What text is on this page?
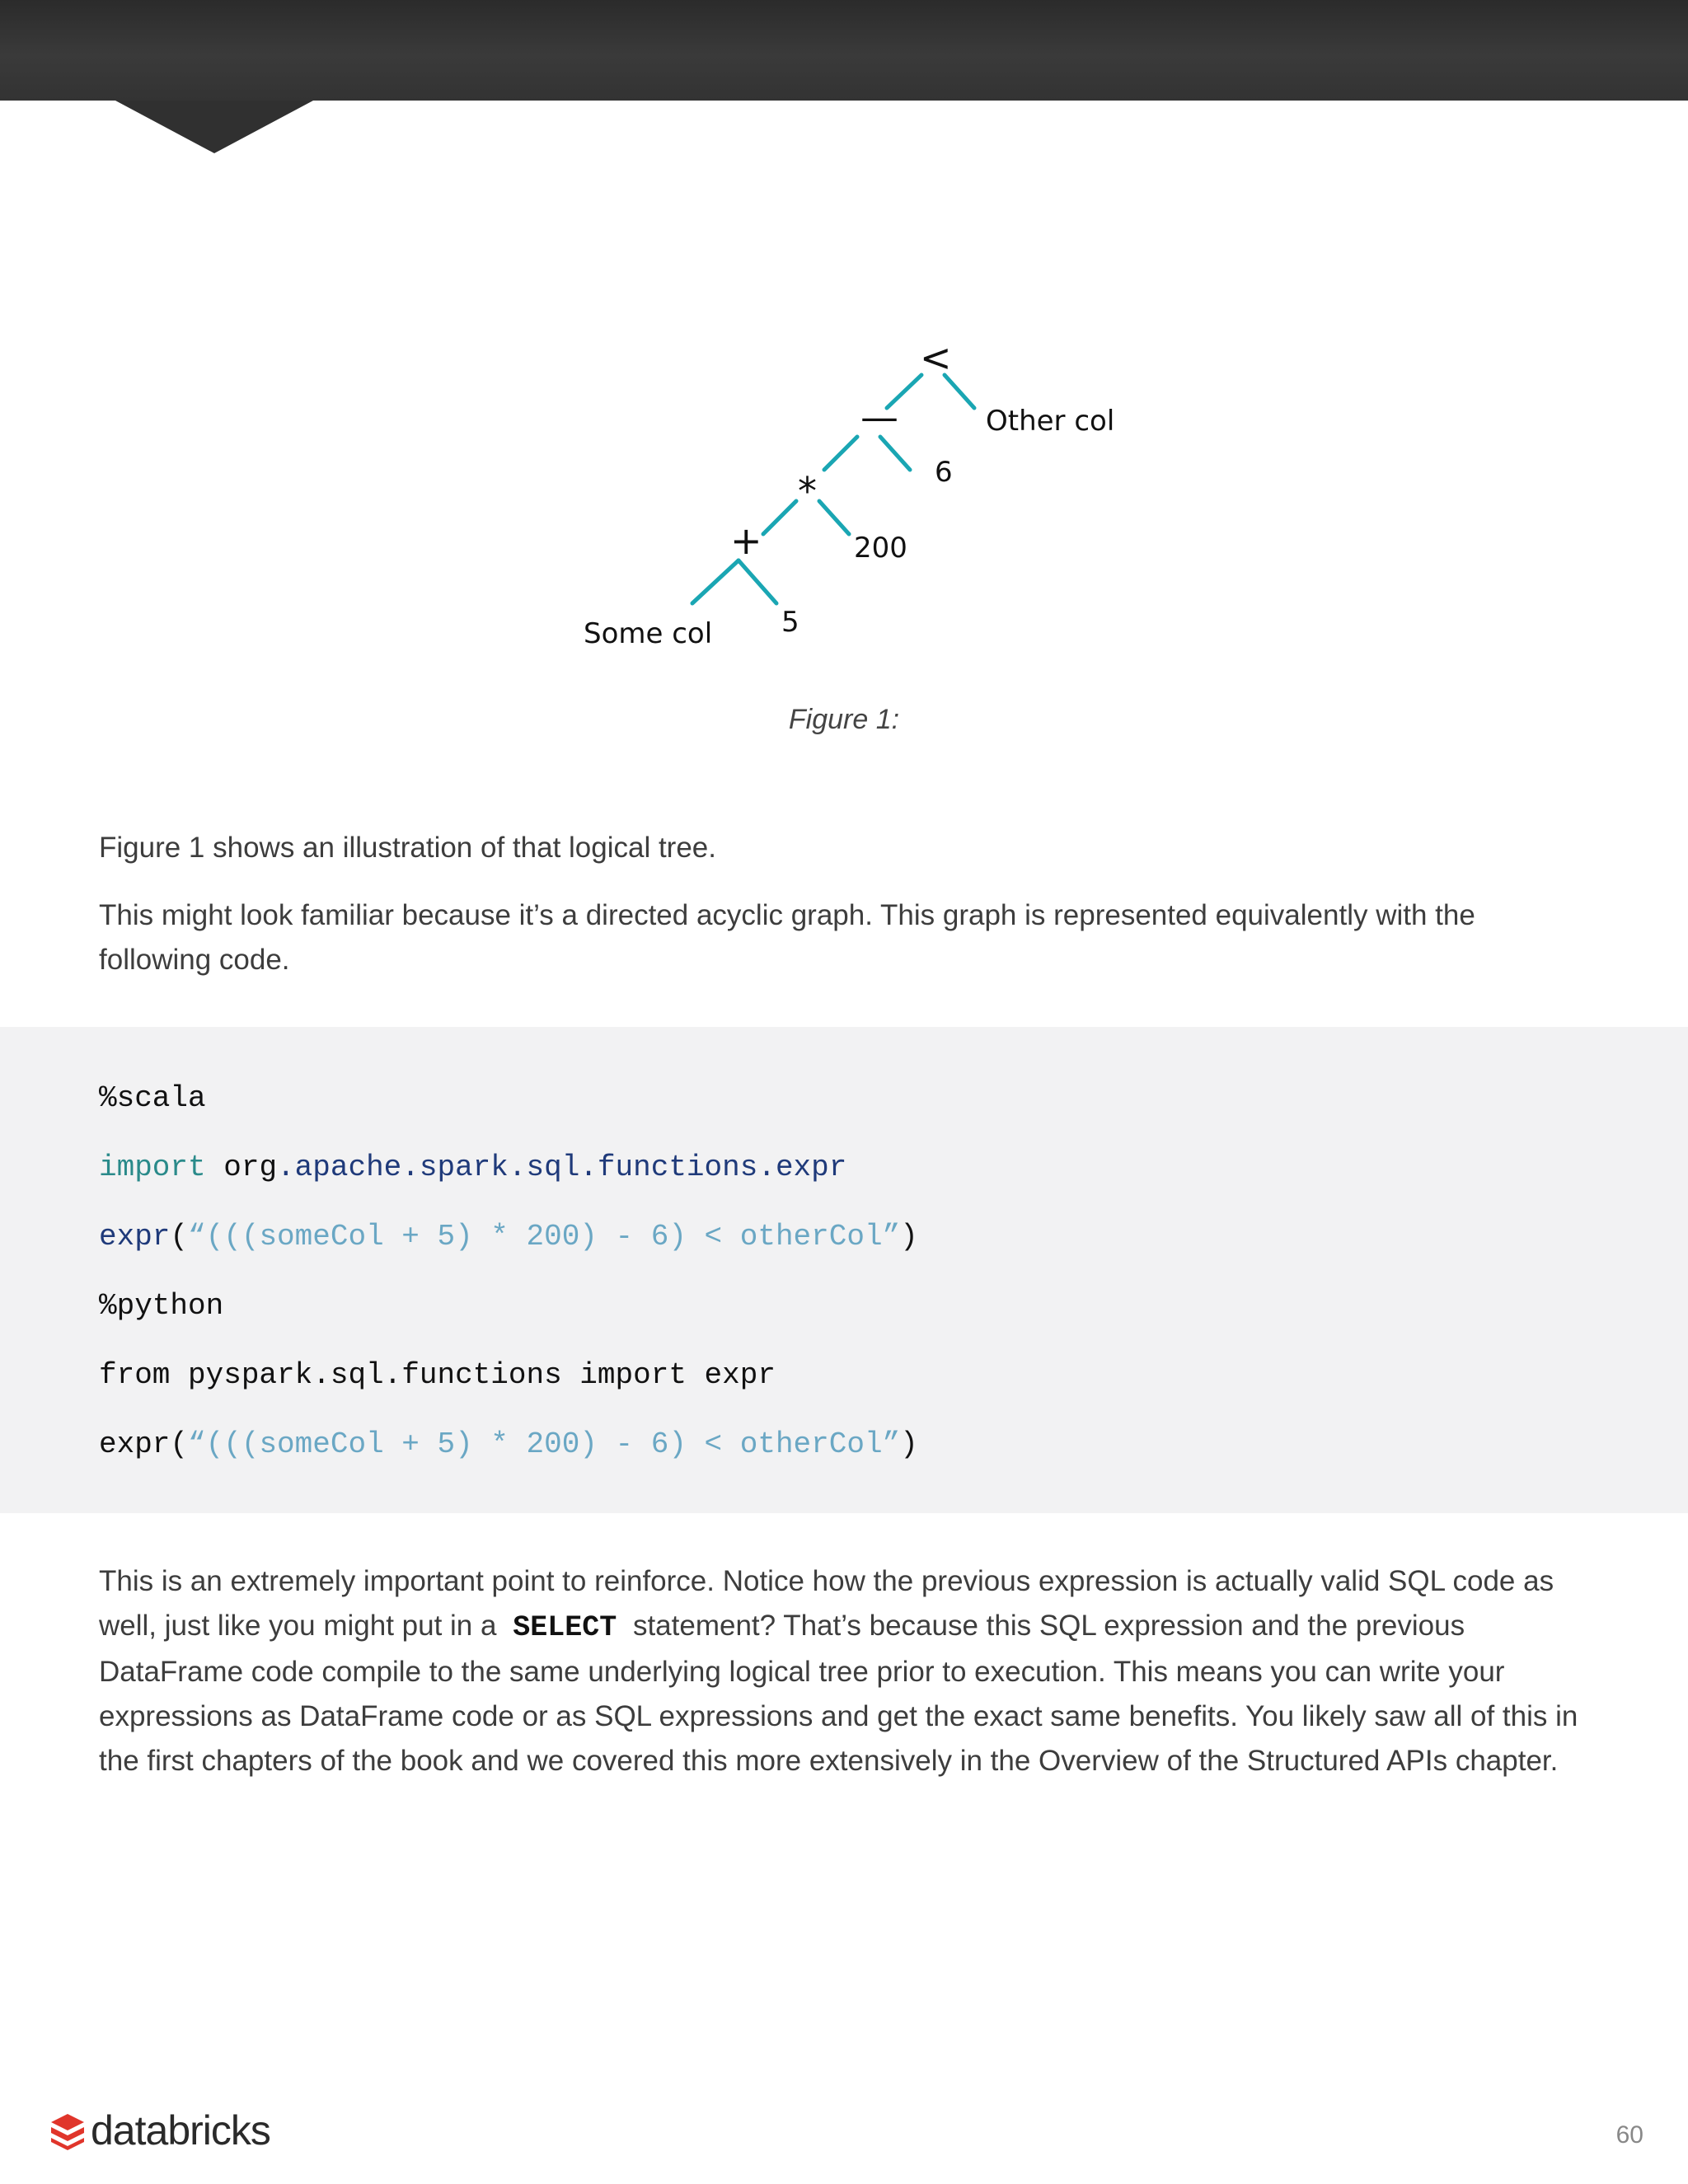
<
—
*
+
Other col
6
200
5
Some col
Figure 1:

Figure 1 shows an illustration of that logical tree.

This might look familiar because it’s a directed acyclic graph. This graph is represented equivalently with the following code.

%scala
import org.apache.spark.sql.functions.expr
expr(“(((someCol + 5) * 200) - 6) < otherCol”)
%python
from pyspark.sql.functions import expr
expr(“(((someCol + 5) * 200) - 6) < otherCol”)

This is an extremely important point to reinforce. Notice how the previous expression is actually valid SQL code as well, just like you might put in a SELECT statement? That’s because this SQL expression and the previous DataFrame code compile to the same underlying logical tree prior to execution. This means you can write your expressions as DataFrame code or as SQL expressions and get the exact same benefits. You likely saw all of this in the first chapters of the book and we covered this more extensively in the Overview of the Structured APIs chapter.

databricks	60
